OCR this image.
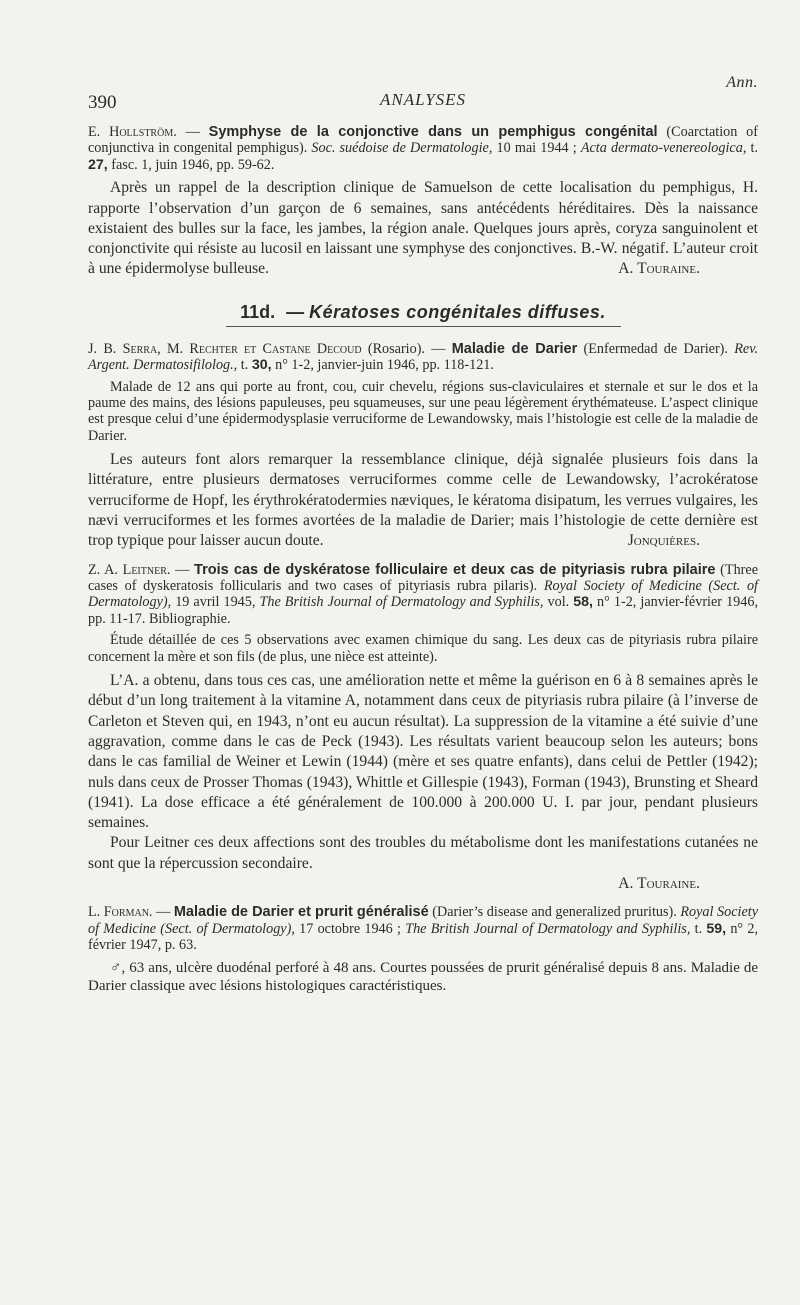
Ann.
390	ANALYSES

E. Hollström. — Symphyse de la conjonctive dans un pemphigus congénital (Coarctation of conjunctiva in congenital pemphigus). Soc. suédoise de Dermatologie, 10 mai 1944 ; Acta dermato-venereologica, t. 27, fasc. 1, juin 1946, pp. 59-62.

Après un rappel de la description clinique de Samuelson de cette localisation du pemphigus, H. rapporte l’observation d’un garçon de 6 semaines, sans antécédents héréditaires. Dès la naissance existaient des bulles sur la face, les jambes, la région anale. Quelques jours après, coryza sanguinolent et conjonctivite qui résiste au lucosil en laissant une symphyse des conjonctives. B.-W. négatif. L’auteur croit à une épidermolyse bulleuse.	A. Touraine.

11d. — Kératoses congénitales diffuses.

J. B. Serra, M. Rechter et Castane Decoud (Rosario). — Maladie de Darier (Enfermedad de Darier). Rev. Argent. Dermatosifilolog., t. 30, n° 1-2, janvier-juin 1946, pp. 118-121.

Malade de 12 ans qui porte au front, cou, cuir chevelu, régions sus-claviculaires et sternale et sur le dos et la paume des mains, des lésions papuleuses, peu squameuses, sur une peau légèrement érythémateuse. L’aspect clinique est presque celui d’une épidermodysplasie verruciforme de Lewandowsky, mais l’histologie est celle de la maladie de Darier.

Les auteurs font alors remarquer la ressemblance clinique, déjà signalée plusieurs fois dans la littérature, entre plusieurs dermatoses verruciformes comme celle de Lewandowsky, l’acrokératose verruciforme de Hopf, les érythrokératodermies næviques, le kératoma disipatum, les verrues vulgaires, les nævi verruciformes et les formes avortées de la maladie de Darier; mais l’histologie de cette dernière est trop typique pour laisser aucun doute.	Jonquières.

Z. A. Leitner. — Trois cas de dyskératose folliculaire et deux cas de pityriasis rubra pilaire (Three cases of dyskeratosis follicularis and two cases of pityriasis rubra pilaris). Royal Society of Medicine (Sect. of Dermatology), 19 avril 1945, The British Journal of Dermatology and Syphilis, vol. 58, n° 1-2, janvier-février 1946, pp. 11-17. Bibliographie.

Étude détaillée de ces 5 observations avec examen chimique du sang. Les deux cas de pityriasis rubra pilaire concernent la mère et son fils (de plus, une nièce est atteinte).

L’A. a obtenu, dans tous ces cas, une amélioration nette et même la guérison en 6 à 8 semaines après le début d’un long traitement à la vitamine A, notamment dans ceux de pityriasis rubra pilaire (à l’inverse de Carleton et Steven qui, en 1943, n’ont eu aucun résultat). La suppression de la vitamine a été suivie d’une aggravation, comme dans le cas de Peck (1943). Les résultats varient beaucoup selon les auteurs; bons dans le cas familial de Weiner et Lewin (1944) (mère et ses quatre enfants), dans celui de Pettler (1942); nuls dans ceux de Prosser Thomas (1943), Whittle et Gillespie (1943), Forman (1943), Brunsting et Sheard (1941). La dose efficace a été généralement de 100.000 à 200.000 U. I. par jour, pendant plusieurs semaines.

Pour Leitner ces deux affections sont des troubles du métabolisme dont les manifestations cutanées ne sont que la répercussion secondaire.

A. Touraine.

L. Forman. — Maladie de Darier et prurit généralisé (Darier’s disease and generalized pruritus). Royal Society of Medicine (Sect. of Dermatology), 17 octobre 1946 ; The British Journal of Dermatology and Syphilis, t. 59, n° 2, février 1947, p. 63.

♂, 63 ans, ulcère duodénal perforé à 48 ans. Courtes poussées de prurit généralisé depuis 8 ans. Maladie de Darier classique avec lésions histologiques caractéristiques.
